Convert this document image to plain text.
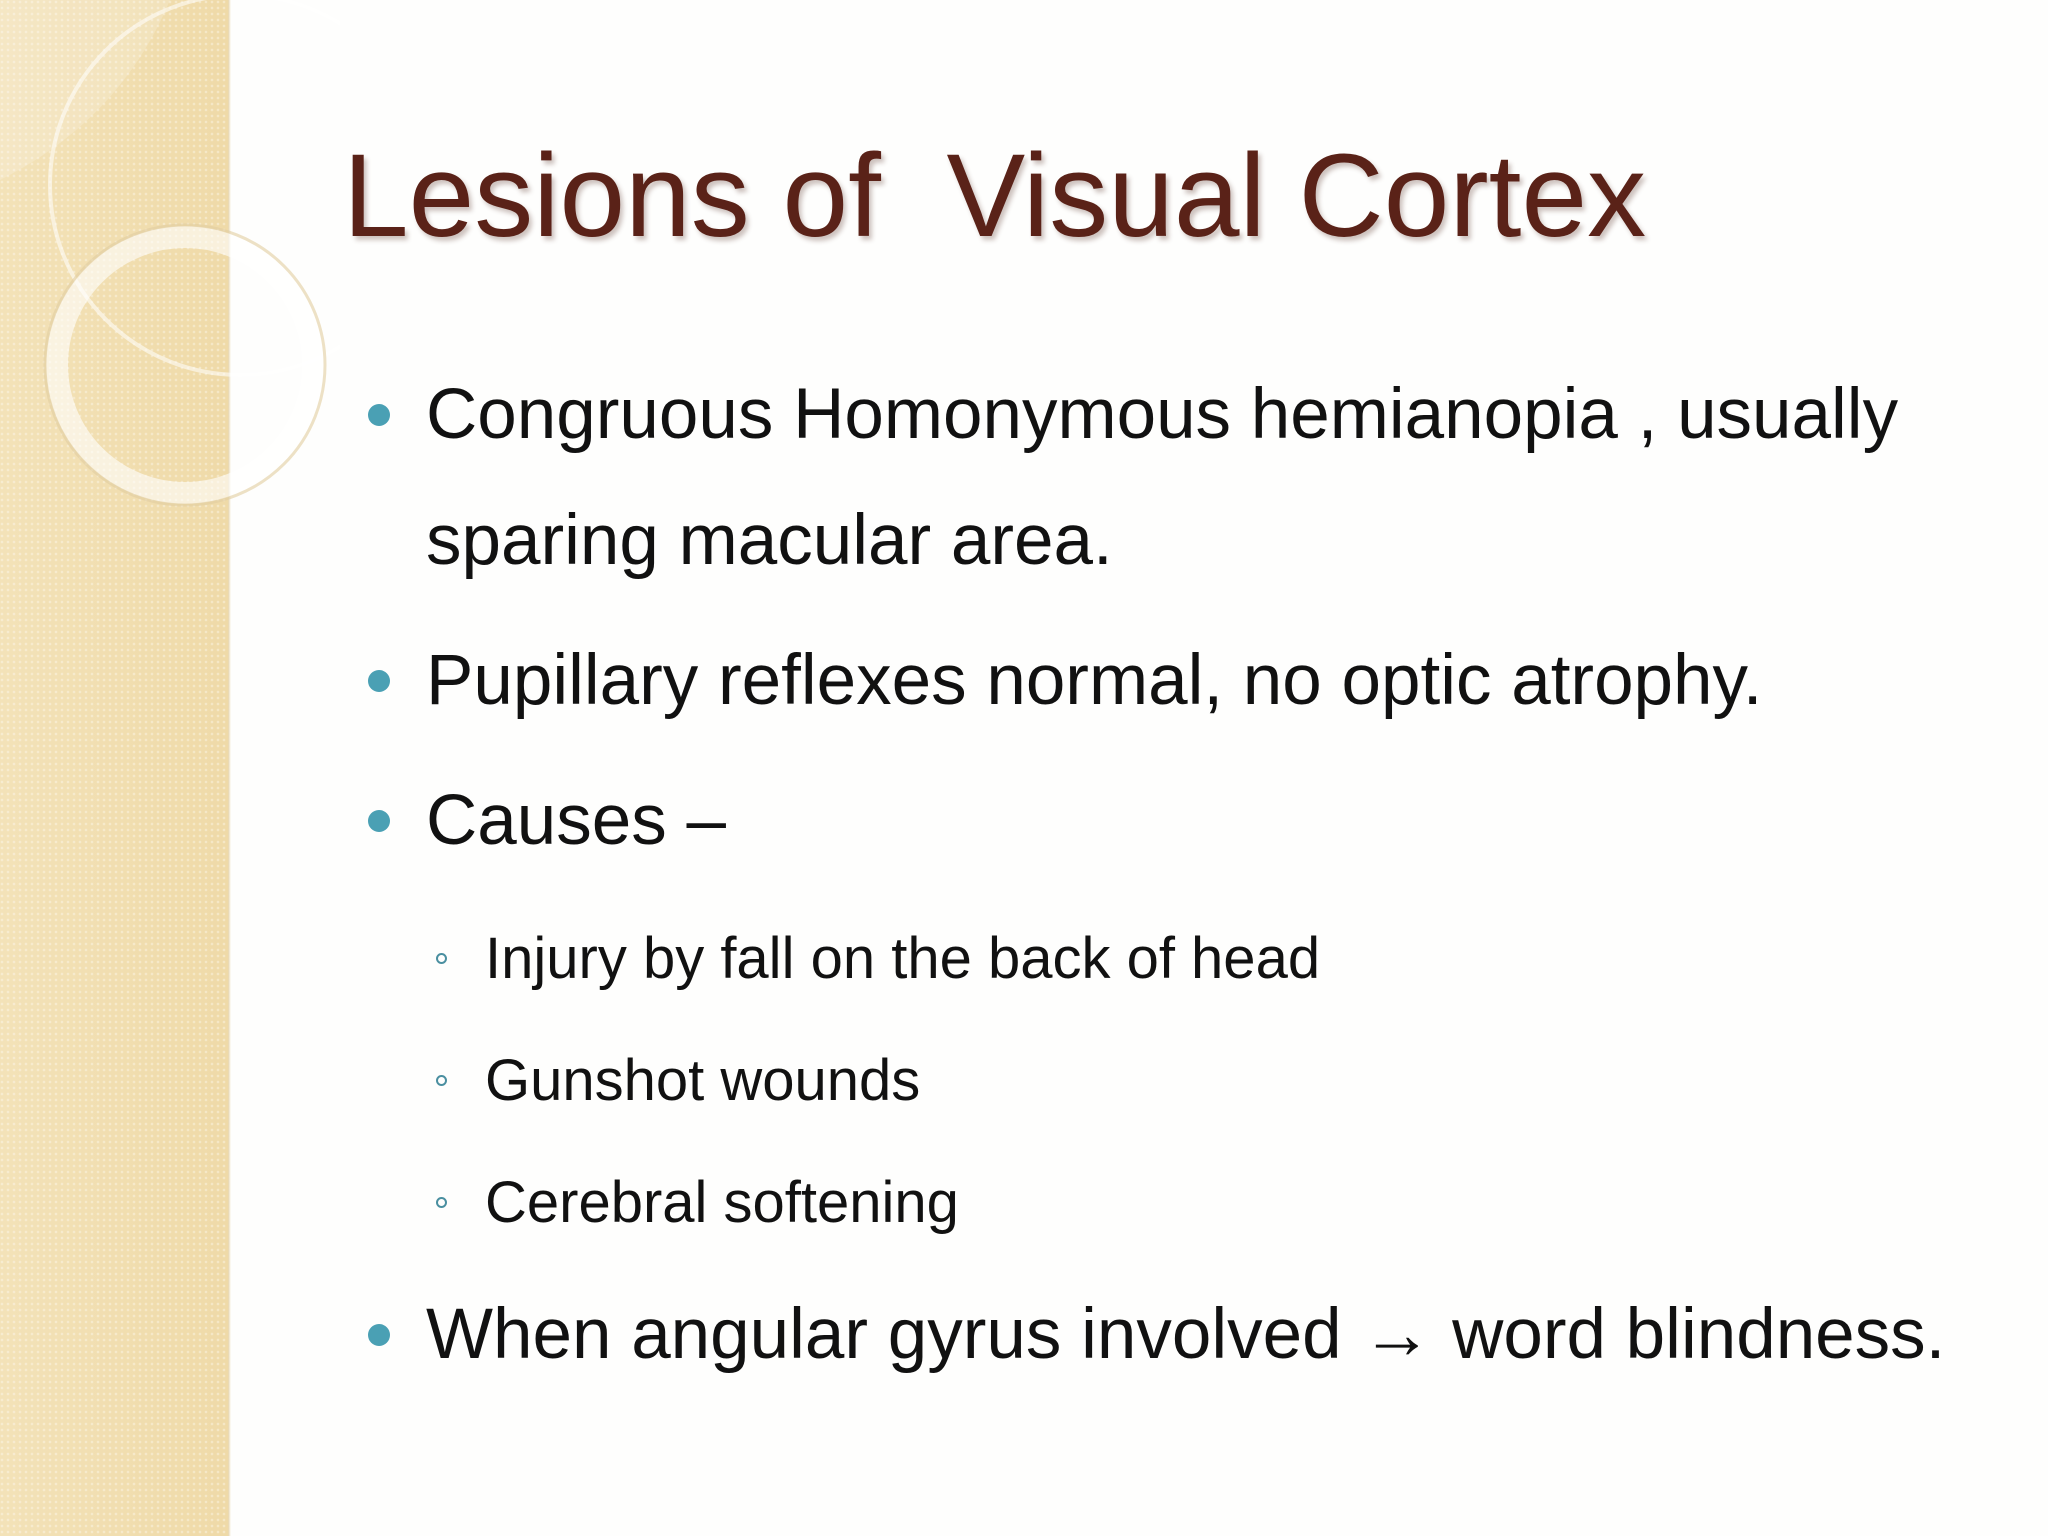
Lesions of  Visual Cortex
Congruous Homonymous hemianopia , usually sparing macular area.
Pupillary reflexes normal, no optic atrophy.
Causes –
Injury by fall on the back of head
Gunshot wounds
Cerebral softening
When angular gyrus involved → word blindness.
